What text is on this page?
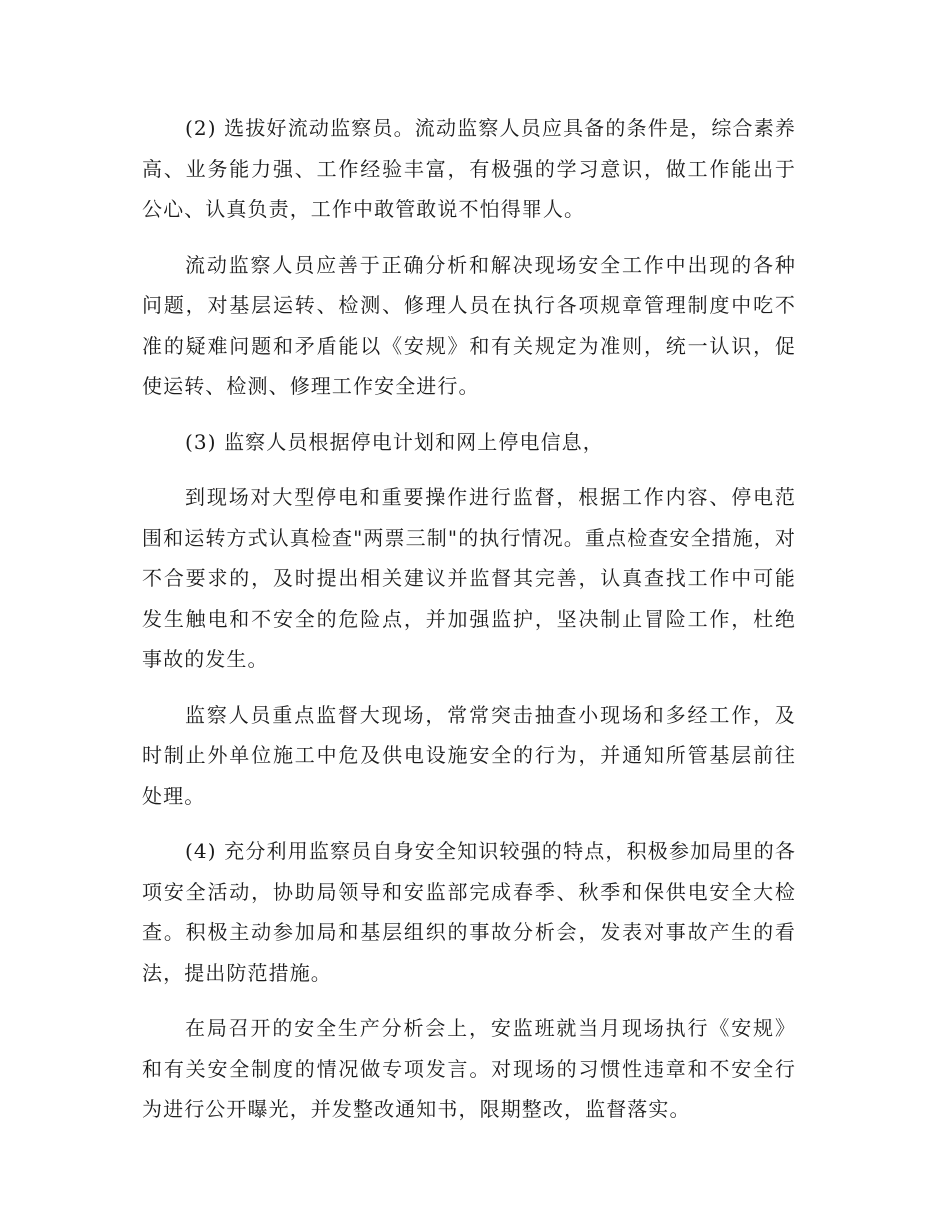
(2) 选拔好流动监察员。流动监察人员应具备的条件是，综合素养高、业务能力强、工作经验丰富，有极强的学习意识，做工作能出于公心、认真负责，工作中敢管敢说不怕得罪人。

流动监察人员应善于正确分析和解决现场安全工作中出现的各种问题，对基层运转、检测、修理人员在执行各项规章管理制度中吃不准的疑难问题和矛盾能以《安规》和有关规定为准则，统一认识，促使运转、检测、修理工作安全进行。

(3) 监察人员根据停电计划和网上停电信息，

到现场对大型停电和重要操作进行监督，根据工作内容、停电范围和运转方式认真检查"两票三制"的执行情况。重点检查安全措施，对不合要求的，及时提出相关建议并监督其完善，认真查找工作中可能发生触电和不安全的危险点，并加强监护，坚决制止冒险工作，杜绝事故的发生。

监察人员重点监督大现场，常常突击抽查小现场和多经工作，及时制止外单位施工中危及供电设施安全的行为，并通知所管基层前往处理。

(4) 充分利用监察员自身安全知识较强的特点，积极参加局里的各项安全活动，协助局领导和安监部完成春季、秋季和保供电安全大检查。积极主动参加局和基层组织的事故分析会，发表对事故产生的看法，提出防范措施。

在局召开的安全生产分析会上，安监班就当月现场执行《安规》和有关安全制度的情况做专项发言。对现场的习惯性违章和不安全行为进行公开曝光，并发整改通知书，限期整改，监督落实。
